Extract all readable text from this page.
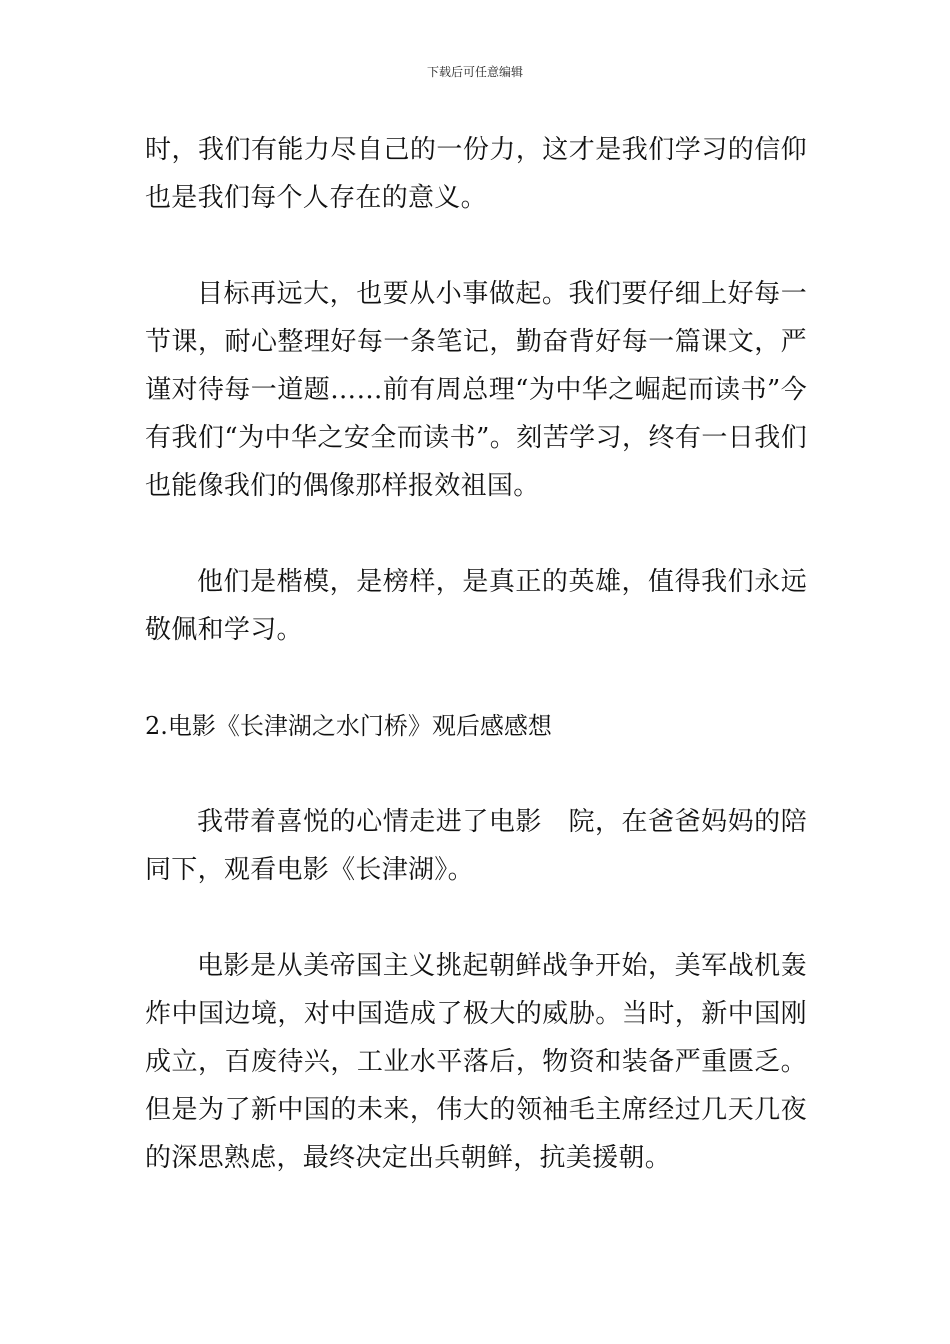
下载后可任意编辑

时，我们有能力尽自己的一份力，这才是我们学习的信仰也是我们每个人存在的意义。

目标再远大，也要从小事做起。我们要仔细上好每一节课，耐心整理好每一条笔记，勤奋背好每一篇课文，严谨对待每一道题……前有周总理“为中华之崛起而读书”今有我们“为中华之安全而读书”。刻苦学习，终有一日我们也能像我们的偶像那样报效祖国。

他们是楷模，是榜样，是真正的英雄，值得我们永远敬佩和学习。

2.电影《长津湖之水门桥》观后感感想

我带着喜悦的心情走进了电影　院，在爸爸妈妈的陪同下，观看电影《长津湖》。

电影是从美帝国主义挑起朝鲜战争开始，美军战机轰炸中国边境，对中国造成了极大的威胁。当时，新中国刚成立，百废待兴，工业水平落后，物资和装备严重匮乏。但是为了新中国的未来，伟大的领袖毛主席经过几天几夜的深思熟虑，最终决定出兵朝鲜，抗美援朝。
